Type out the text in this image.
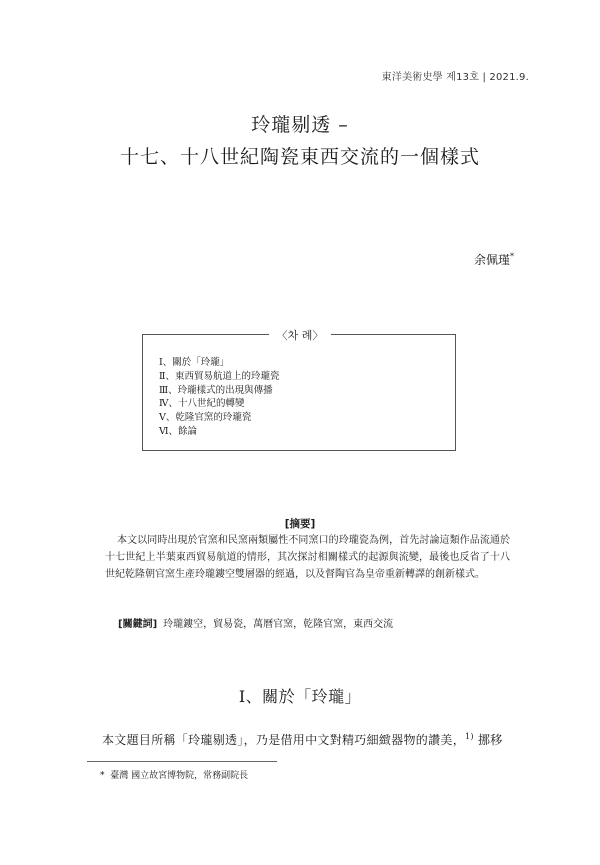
東洋美術史學 제13호 | 2021.9.
玲瓏剔透 –
十七、十八世紀陶瓷東西交流的一個樣式
余佩瑾*
〈차 례〉
Ⅰ、關於「玲瓏」
Ⅱ、東西貿易航道上的玲瓏瓷
Ⅲ、玲瓏樣式的出現與傳播
Ⅳ、十八世紀的轉變
Ⅴ、乾隆官窯的玲瓏瓷
Ⅵ、餘論
[摘要]
本文以同時出現於官窯和民窯兩類屬性不同窯口的玲瓏瓷為例，首先討論這類作品流通於十七世紀上半葉東西貿易航道的情形，其次探討相關樣式的起源與流變，最後也反省了十八世紀乾隆朝官窯生產玲瓏鏤空雙層器的經過，以及督陶官為皇帝重新轉譯的創新樣式。
[關鍵詞] 玲瓏鏤空，貿易瓷，萬曆官窯，乾隆官窯，東西交流
Ⅰ、關於「玲瓏」
本文題目所稱「玲瓏剔透」，乃是借用中文對精巧細緻器物的讚美，$^{1)}$ 挪移
* 臺灣 國立故宮博物院，常務副院長
